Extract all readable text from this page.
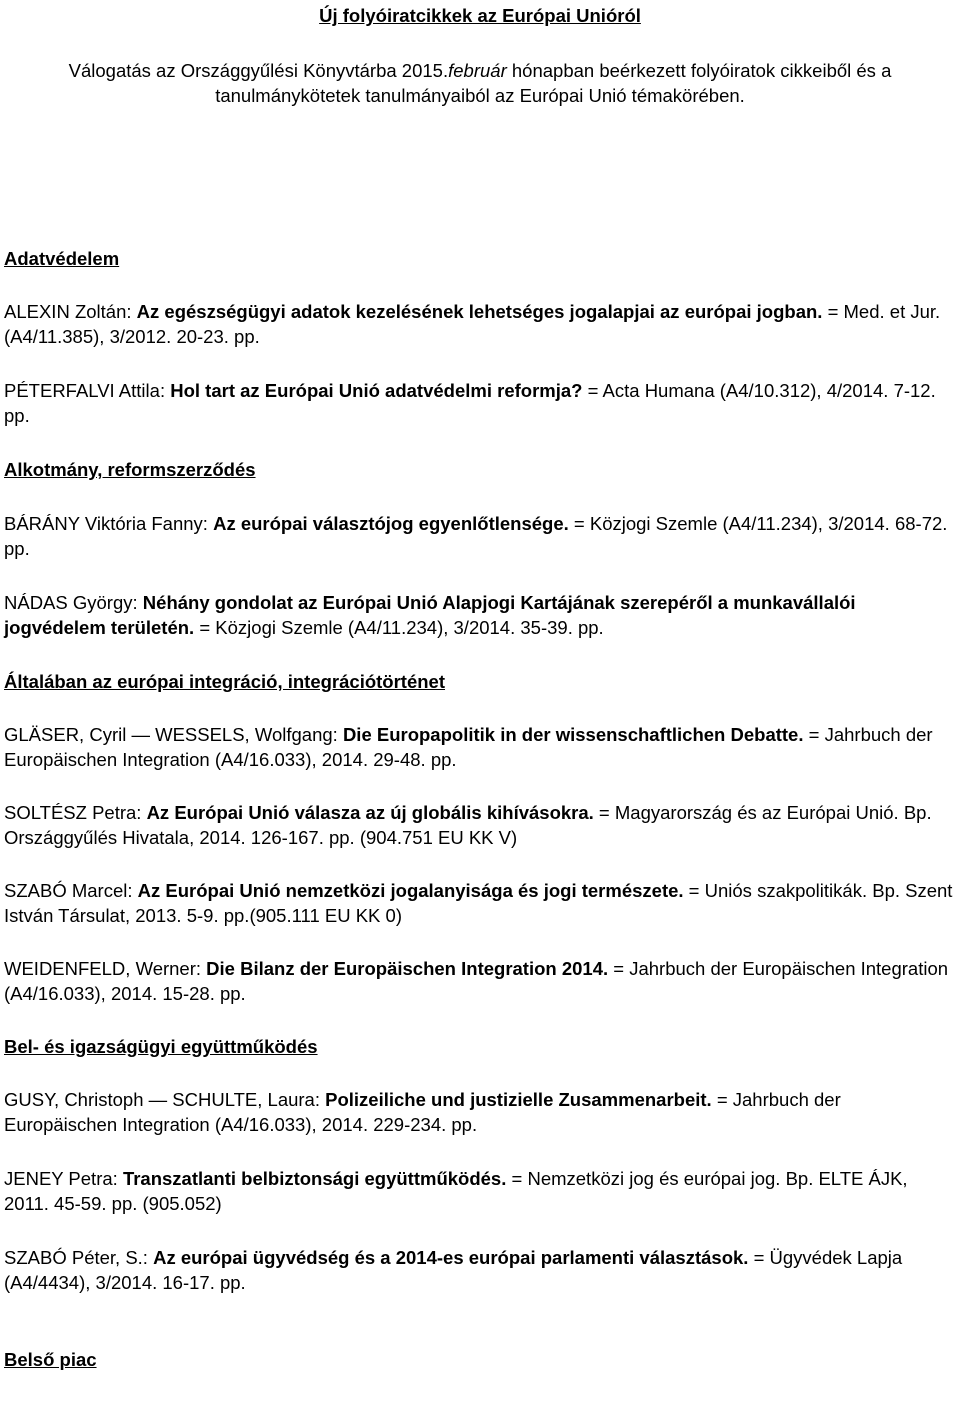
Új folyóiratcikkek az Európai Unióról
Válogatás az Országgyűlési Könyvtárba 2015.február hónapban beérkezett folyóiratok cikkeiből és a tanulmánykötetek tanulmányaiból az Európai Unió témakörében.
Adatvédelem
ALEXIN Zoltán: Az egészségügyi adatok kezelésének lehetséges jogalapjai az európai jogban. = Med. et Jur. (A4/11.385), 3/2012. 20-23. pp.
PÉTERFALVI Attila: Hol tart az Európai Unió adatvédelmi reformja? = Acta Humana (A4/10.312), 4/2014. 7-12. pp.
Alkotmány, reformszerződés
BÁRÁNY Viktória Fanny: Az európai választójog egyenlőtlensége. = Közjogi Szemle (A4/11.234), 3/2014. 68-72. pp.
NÁDAS György: Néhány gondolat az Európai Unió Alapjogi Kartájának szerepéről a munkavállalói jogvédelem területén. = Közjogi Szemle (A4/11.234), 3/2014. 35-39. pp.
Általában az európai integráció, integrációtörténet
GLÄSER, Cyril — WESSELS, Wolfgang: Die Europapolitik in der wissenschaftlichen Debatte. = Jahrbuch der Europäischen Integration (A4/16.033), 2014. 29-48. pp.
SOLTÉSZ Petra: Az Európai Unió válasza az új globális kihívásokra. = Magyarország és az Európai Unió. Bp. Országgyűlés Hivatala, 2014. 126-167. pp. (904.751 EU KK V)
SZABÓ Marcel: Az Európai Unió nemzetközi jogalanyisága és jogi természete. = Uniós szakpolitikák. Bp. Szent István Társulat, 2013. 5-9. pp.(905.111 EU KK 0)
WEIDENFELD, Werner: Die Bilanz der Europäischen Integration 2014. = Jahrbuch der Europäischen Integration (A4/16.033), 2014. 15-28. pp.
Bel- és igazságügyi együttműködés
GUSY, Christoph — SCHULTE, Laura: Polizeiliche und justizielle Zusammenarbeit. = Jahrbuch der Europäischen Integration (A4/16.033), 2014. 229-234. pp.
JENEY Petra: Transzatlanti belbiztonsági együttműködés. = Nemzetközi jog és európai jog. Bp. ELTE ÁJK, 2011. 45-59. pp. (905.052)
SZABÓ Péter, S.: Az európai ügyvédség és a 2014-es európai parlamenti választások. = Ügyvédek Lapja (A4/4434), 3/2014. 16-17. pp.
Belső piac
